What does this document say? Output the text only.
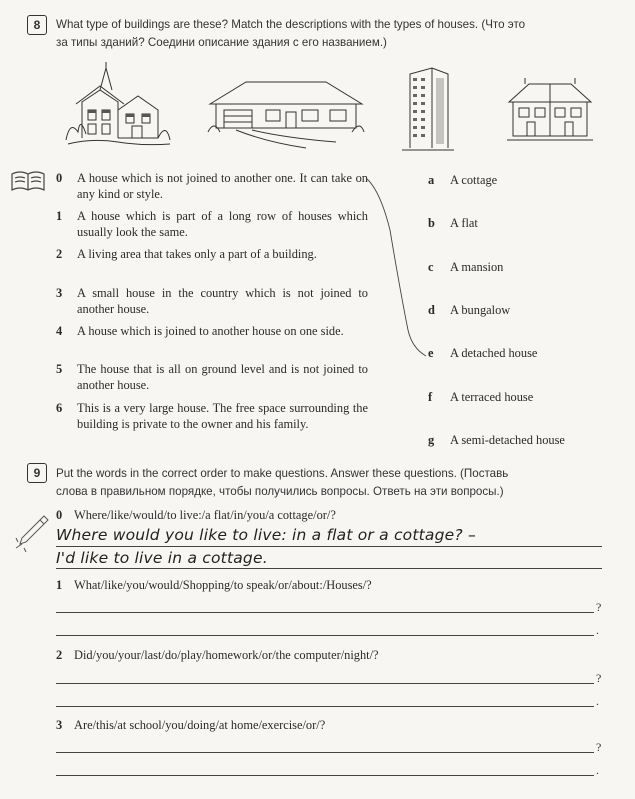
8	What type of buildings are these? Match the descriptions with the types of houses. (Что это
за типы зданий? Соедини описание здания с его названием.)
0 A house which is not joined to another one. It can take on any kind or style.
1 A house which is part of a long row of houses which usually look the same.
2 A living area that takes only a part of a building.
3 A small house in the country which is not joined to another house.
4 A house which is joined to another house on one side.
5 The house that is all on ground level and is not joined to another house.
6 This is a very large house. The free space surrounding the building is private to the owner and his family.
a A cottage
b A flat
c A mansion
d A bungalow
e A detached house
f A terraced house
g A semi-detached house
9	Put the words in the correct order to make questions. Answer these questions. (Поставь
слова в правильном порядке, чтобы получились вопросы. Ответь на эти вопросы.)
0 Where/like/would/to live:/a flat/in/you/a cottage/or/?
Where would you like to live: in a flat or a cottage? –
I'd like to live in a cottage.
1 What/like/you/would/Shopping/to speak/or/about:/Houses/?
?
.
2 Did/you/your/last/do/play/homework/or/the computer/night/?
?
.
3 Are/this/at school/you/doing/at home/exercise/or/?
?
.
